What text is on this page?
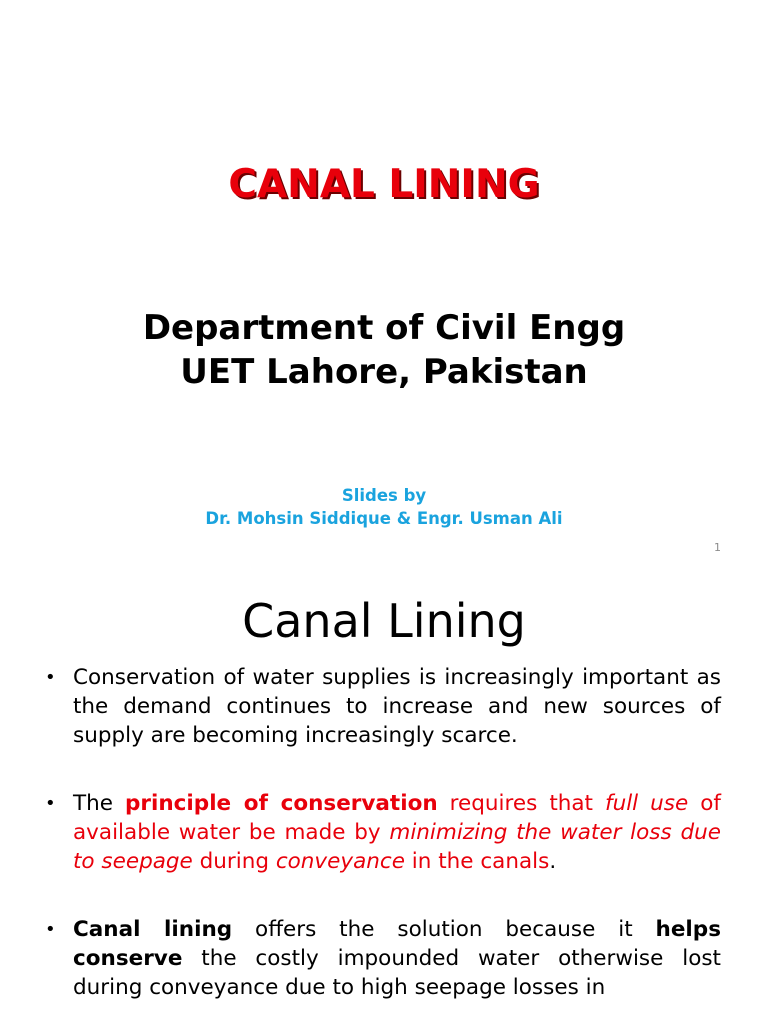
CANAL LINING
Department of Civil Engg
UET Lahore, Pakistan
Slides by
Dr. Mohsin Siddique & Engr. Usman Ali
1
Canal Lining
• Conservation of water supplies is increasingly important as the demand continues to increase and new sources of supply are becoming increasingly scarce.
• The principle of conservation requires that full use of available water be made by minimizing the water loss due to seepage during conveyance in the canals.
• Canal lining offers the solution because it helps conserve the costly impounded water otherwise lost during conveyance due to high seepage losses in
